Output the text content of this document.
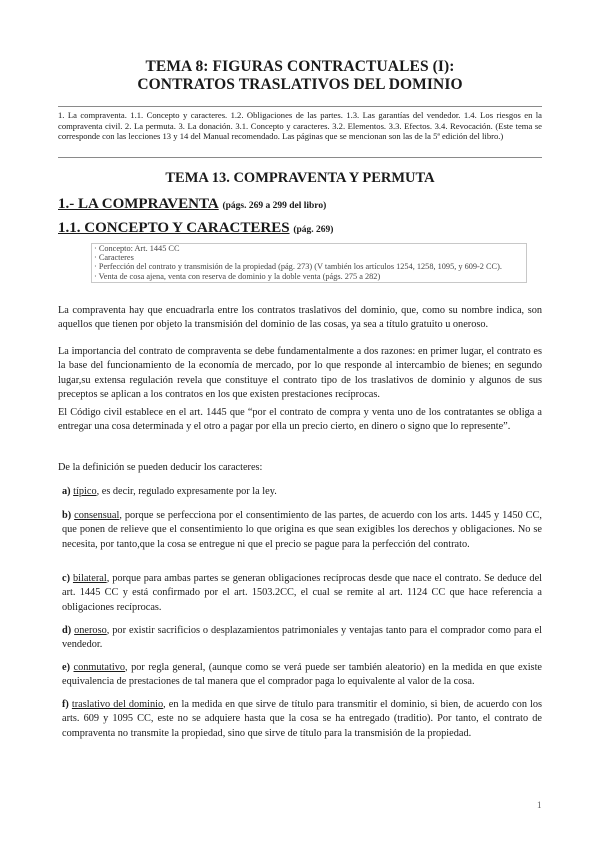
TEMA 8: FIGURAS CONTRACTUALES (I):
CONTRATOS TRASLATIVOS DEL DOMINIO
1. La compraventa. 1.1. Concepto y caracteres. 1.2. Obligaciones de las partes. 1.3. Las garantías del vendedor. 1.4. Los riesgos en la compraventa civil. 2. La permuta. 3. La donación. 3.1. Concepto y caracteres. 3.2. Elementos. 3.3. Efectos. 3.4. Revocación. (Este tema se corresponde con las lecciones 13 y 14 del Manual recomendado. Las páginas que se mencionan son las de la 5ª edición del libro.)
TEMA 13. COMPRAVENTA Y PERMUTA
1.- LA COMPRAVENTA (págs. 269 a 299 del libro)
1.1. CONCEPTO Y CARACTERES (pág. 269)
· Concepto: Art. 1445 CC
· Caracteres
· Perfección del contrato y transmisión de la propiedad (pág. 273) (V también los artículos 1254, 1258, 1095, y 609-2 CC).
· Venta de cosa ajena, venta con reserva de dominio y la doble venta (págs. 275 a 282)

La compraventa hay que encuadrarla entre los contratos traslativos del dominio, que, como su nombre indica, son aquellos que tienen por objeto la transmisión del dominio de las cosas, ya sea a título gratuito u oneroso.

La importancia del contrato de compraventa se debe fundamentalmente a dos razones: en primer lugar, el contrato es la base del funcionamiento de la economía de mercado, por lo que responde al intercambio de bienes; en segundo lugar,su extensa regulación revela que constituye el contrato tipo de los traslativos de dominio y algunos de sus preceptos se aplican a los contratos en los que existen prestaciones recíprocas.

El Código civil establece en el art. 1445 que “por el contrato de compra y venta uno de los contratantes se obliga a entregar una cosa determinada y el otro a pagar por ella un precio cierto, en dinero o signo que lo represente”.

De la definición se pueden deducir los caracteres:

a) típico, es decir, regulado expresamente por la ley.

b) consensual, porque se perfecciona por el consentimiento de las partes, de acuerdo con los arts. 1445 y 1450 CC, que ponen de relieve que el consentimiento lo que origina es que sean exigibles los derechos y obligaciones. No se necesita, por tanto,que la cosa se entregue ni que el precio se pague para la perfección del contrato.

c) bilateral, porque para ambas partes se generan obligaciones recíprocas desde que nace el contrato. Se deduce del art. 1445 CC y está confirmado por el art. 1503.2CC, el cual se remite al art. 1124 CC que hace referencia a obligaciones recíprocas.

d) oneroso, por existir sacrificios o desplazamientos patrimoniales y ventajas tanto para el comprador como para el vendedor.

e) conmutativo, por regla general, (aunque como se verá puede ser también aleatorio) en la medida en que existe equivalencia de prestaciones de tal manera que el comprador paga lo equivalente al valor de la cosa.

f) traslativo del dominio, en la medida en que sirve de título para transmitir el dominio, si bien, de acuerdo con los arts. 609 y 1095 CC, este no se adquiere hasta que la cosa se ha entregado (traditio). Por tanto, el contrato de compraventa no transmite la propiedad, sino que sirve de título para la transmisión de la propiedad.

1
